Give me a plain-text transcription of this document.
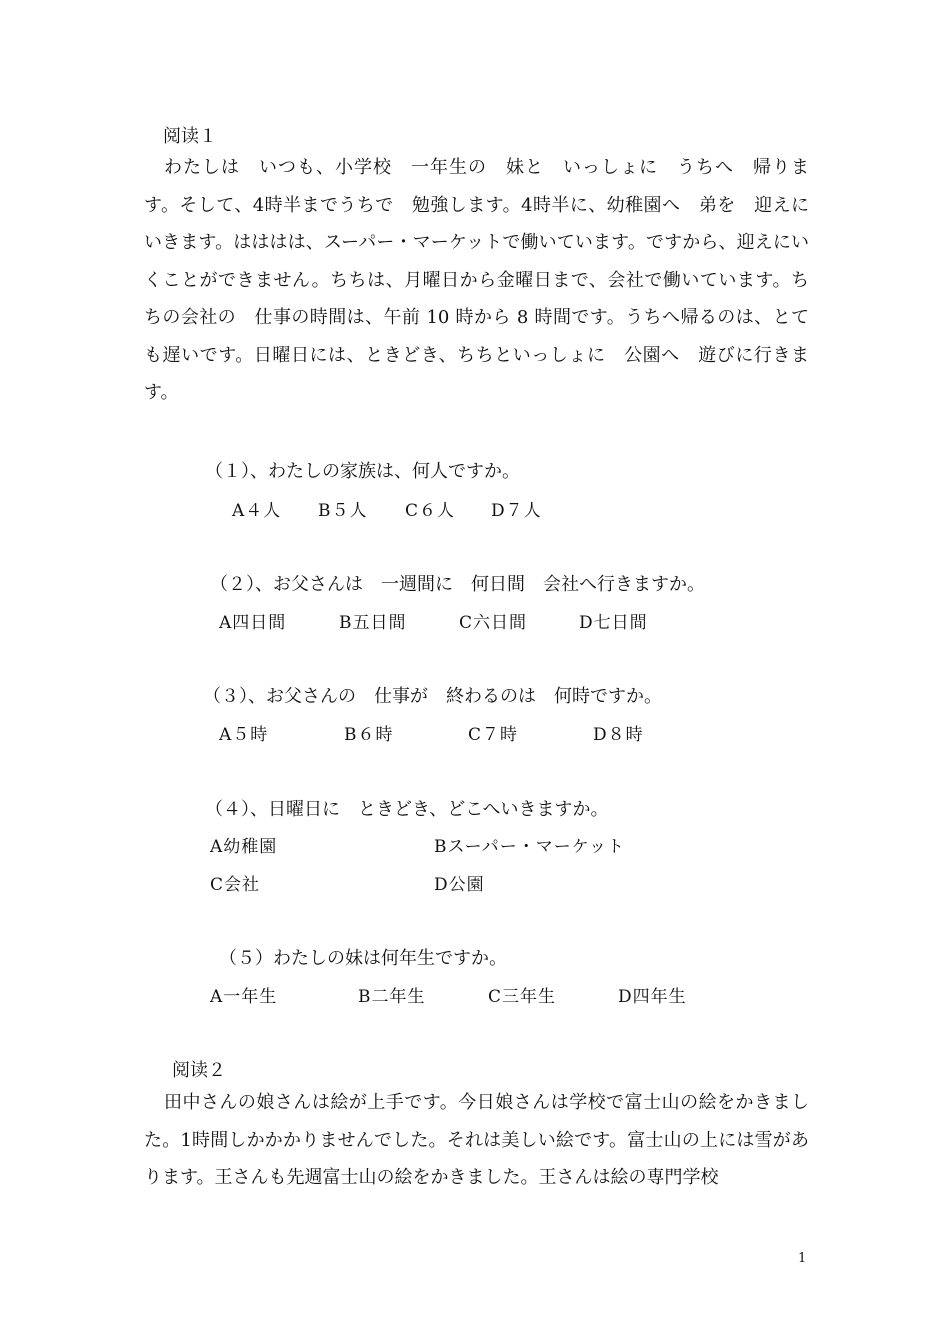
阅读１

わたしは　いつも、小学校　一年生の　妹と　いっしょに　うちへ　帰ります。そして、4時半までうちで　勉強します。4時半に、幼稚園へ　弟を　迎えにいきます。はははは、スーパー・マーケットで働いています。ですから、迎えにいくことができません。ちちは、月曜日から金曜日まで、会社で働いています。ちちの会社の　仕事の時間は、午前 10 時から 8 時間です。うちへ帰るのは、とても遅いです。日曜日には、ときどき、ちちといっしょに　公園へ　遊びに行きます。

（１）、わたしの家族は、何人ですか。
A４人 B５人 C６人 D７人
（２）、お父さんは　一週間に　何日間　会社へ行きますか。
A四日間	B五日間	C六日間	D七日間
（３）、お父さんの　仕事が　終わるのは　何時ですか。
A５時	B６時	C７時	D８時
（４）、日曜日に　ときどき、どこへいきますか。
A幼稚園	Bスーパー・マーケット
C会社	D公園
（５）わたしの妹は何年生ですか。
A一年生	B二年生	C三年生	D四年生
阅读２

田中さんの娘さんは絵が上手です。今日娘さんは学校で富士山の絵をかきました。1時間しかかかりませんでした。それは美しい絵です。富士山の上には雪があります。王さんも先週富士山の絵をかきました。王さんは絵の専門学校

1
